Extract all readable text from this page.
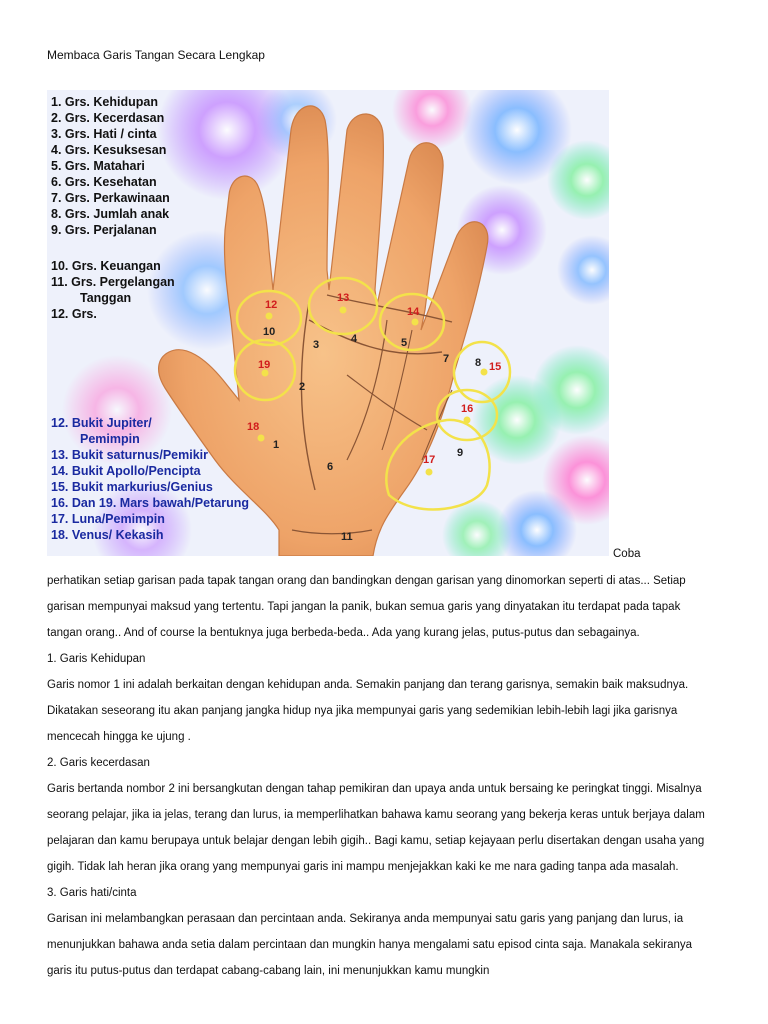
Membaca Garis Tangan Secara Lengkap
12
13
14
15
16
17
18
19
1
2
3	4	5
6
7 8
9
10
11
1. Grs. Kehidupan
2. Grs. Kecerdasan
3. Grs. Hati / cinta
4. Grs. Kesuksesan
5. Grs. Matahari
6. Grs. Kesehatan
7. Grs. Perkawinaan
8. Grs. Jumlah anak
9. Grs. Perjalanan
10. Grs. Keuangan
11. Grs. Pergelangan
Tanggan
12. Grs.
12. Bukit Jupiter/
Pemimpin
13. Bukit saturnus/Pemikir
14. Bukit Apollo/Pencipta
15. Bukit markurius/Genius
16. Dan 19. Mars bawah/Petarung
17. Luna/Pemimpin
18. Venus/ Kekasih
Coba

perhatikan setiap garisan pada tapak tangan orang dan bandingkan dengan garisan yang dinomorkan seperti di atas... Setiap garisan mempunyai maksud yang tertentu. Tapi jangan la panik, bukan semua garis yang dinyatakan itu terdapat pada tapak tangan orang.. And of course la bentuknya juga berbeda-beda.. Ada yang kurang jelas, putus-putus dan sebagainya.

1. Garis Kehidupan

Garis nomor 1 ini adalah berkaitan dengan kehidupan anda. Semakin panjang dan terang garisnya, semakin baik maksudnya. Dikatakan seseorang itu akan panjang jangka hidup nya jika mempunyai garis yang sedemikian lebih-lebih lagi jika garisnya mencecah hingga ke ujung .

2. Garis kecerdasan

Garis bertanda nombor 2 ini bersangkutan dengan tahap pemikiran dan upaya anda untuk bersaing ke peringkat tinggi. Misalnya seorang pelajar, jika ia jelas, terang dan lurus, ia memperlihatkan bahawa kamu seorang yang bekerja keras untuk berjaya dalam pelajaran dan kamu berupaya untuk belajar dengan lebih gigih.. Bagi kamu, setiap kejayaan perlu disertakan dengan usaha yang gigih. Tidak lah heran jika orang yang mempunyai garis ini mampu menjejakkan kaki ke me nara gading tanpa ada masalah.

3. Garis hati/cinta

Garisan ini melambangkan perasaan dan percintaan anda. Sekiranya anda mempunyai satu garis yang panjang dan lurus, ia menunjukkan bahawa anda setia dalam percintaan dan mungkin hanya mengalami satu episod cinta saja. Manakala sekiranya garis itu putus-putus dan terdapat cabang-cabang lain, ini menunjukkan kamu mungkin
